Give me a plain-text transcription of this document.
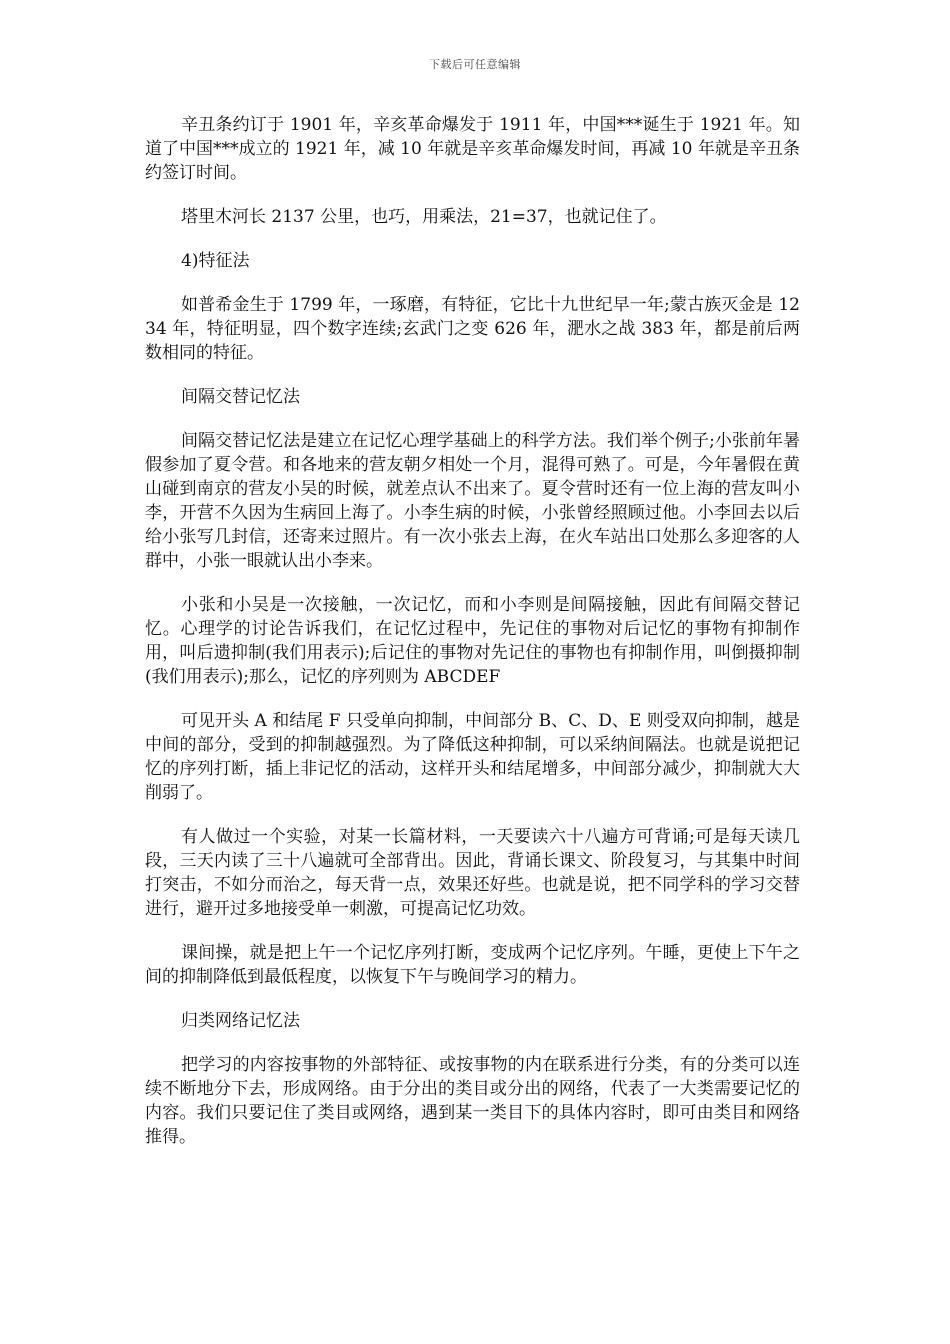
下载后可任意编辑

辛丑条约订于 1901 年，辛亥革命爆发于 1911 年，中国***诞生于 1921 年。知道了中国***成立的 1921 年，减 10 年就是辛亥革命爆发时间，再减 10 年就是辛丑条约签订时间。

塔里木河长 2137 公里，也巧，用乘法，21=37，也就记住了。

4)特征法

如普希金生于 1799 年，一琢磨，有特征，它比十九世纪早一年;蒙古族灭金是 1234 年，特征明显，四个数字连续;玄武门之变 626 年，淝水之战 383 年，都是前后两数相同的特征。

间隔交替记忆法

间隔交替记忆法是建立在记忆心理学基础上的科学方法。我们举个例子;小张前年暑假参加了夏令营。和各地来的营友朝夕相处一个月，混得可熟了。可是，今年暑假在黄山碰到南京的营友小吴的时候，就差点认不出来了。夏令营时还有一位上海的营友叫小李，开营不久因为生病回上海了。小李生病的时候，小张曾经照顾过他。小李回去以后给小张写几封信，还寄来过照片。有一次小张去上海，在火车站出口处那么多迎客的人群中，小张一眼就认出小李来。

小张和小吴是一次接触，一次记忆，而和小李则是间隔接触，因此有间隔交替记忆。心理学的讨论告诉我们，在记忆过程中，先记住的事物对后记忆的事物有抑制作用，叫后遗抑制(我们用表示);后记住的事物对先记住的事物也有抑制作用，叫倒摄抑制(我们用表示);那么，记忆的序列则为 ABCDEF

可见开头 A 和结尾 F 只受单向抑制，中间部分 B、C、D、E 则受双向抑制，越是中间的部分，受到的抑制越强烈。为了降低这种抑制，可以采纳间隔法。也就是说把记忆的序列打断，插上非记忆的活动，这样开头和结尾增多，中间部分减少，抑制就大大削弱了。

有人做过一个实验，对某一长篇材料，一天要读六十八遍方可背诵;可是每天读几段，三天内读了三十八遍就可全部背出。因此，背诵长课文、阶段复习，与其集中时间打突击，不如分而治之，每天背一点，效果还好些。也就是说，把不同学科的学习交替进行，避开过多地接受单一刺激，可提高记忆功效。

课间操，就是把上午一个记忆序列打断，变成两个记忆序列。午睡，更使上下午之间的抑制降低到最低程度，以恢复下午与晚间学习的精力。

归类网络记忆法

把学习的内容按事物的外部特征、或按事物的内在联系进行分类，有的分类可以连续不断地分下去，形成网络。由于分出的类目或分出的网络，代表了一大类需要记忆的内容。我们只要记住了类目或网络，遇到某一类目下的具体内容时，即可由类目和网络推得。
